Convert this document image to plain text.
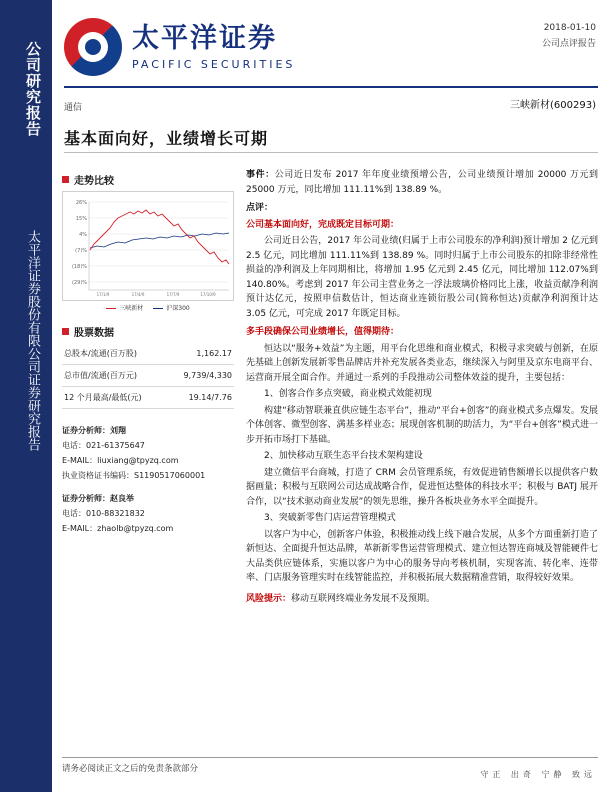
公司研究报告
太平洋证券股份有限公司证券研究报告
太平洋证券
PACIFIC SECURITIES
2018-01-10
公司点评报告
通信	三峡新材(600293)
基本面向好，业绩增长可期
走势比较
26%
15%
4%
(7)%
(18)%
(29)%
17/1/9	17/4/9	17/7/9	17/10/9
三峡新材	沪深300
股票数据
总股本/流通(百万股)	1,162.17
总市值/流通(百万元)	9,739/4,330
12 个月最高/最低(元)	19.14/7.76
证券分析师：刘翔
电话：021-61375647
E-MAIL：liuxiang@tpyzq.com
执业资格证书编码：S1190517060001
证券分析师：赵良举
电话：010-88321832
E-MAIL：zhaolb@tpyzq.com

事件：公司近日发布 2017 年年度业绩预增公告，公司业绩预计增加 20000 万元到 25000 万元，同比增加 111.11%到 138.89 %。

点评：

公司基本面向好，完成既定目标可期：

公司近日公告，2017 年公司业绩(归属于上市公司股东的净利润)预计增加 2 亿元到 2.5 亿元，同比增加 111.11%到 138.89 %。同时归属于上市公司股东的扣除非经常性损益的净利润及上年同期相比，将增加 1.95 亿元到 2.45 亿元，同比增加 112.07%到 140.80%。考虑到 2017 年公司主营业务之一浮法玻璃价格同比上涨，收益贡献净利润预计达亿元，按照申信数估计，恒达商业连锁衍股公司(简称恒达)贡献净利润预计达 3.05 亿元，可完成 2017 年既定目标。

多手段确保公司业绩增长，值得期待：

恒达以“服务+效益”为主题，用平台化思维和商业模式，积极寻求突破与创新，在原先基础上创新发展新零售品牌店并补充发展各类业态，继续深入与阿里及京东电商平台、运营商开展全面合作。并通过一系列的手段推动公司整体效益的提升，主要包括：

1、创客合作多点突破，商业模式效能初现

构建“移动智联兼直供应链生态平台”，推动“平台+创客”的商业模式多点爆发。发展个体创客、微型创客、满基多样业态；展现创客机制的助活力，为“平台+创客”模式进一步开拓市场打下基础。

2、加快移动互联生态平台技术架构建设

建立微信平台商城，打造了 CRM 会员管理系统，有效促进销售额增长以提供客户数据画量；积极与互联网公司达成战略合作，促进恒达整体的科技水平；积极与 BATJ 展开合作，以“技术驱动商业发展”的领先思维，操升各板块业务水平全面提升。

3、突破新零售门店运营管理模式

以客户为中心，创新客户体验，积极推动线上线下融合发展，从多个方面重新打造了新恒达、全面提升恒达品牌，革新新零售运营管理模式、建立恒达智连商城及智能硬件七大品类供应链体系，实施以客户为中心的服务导向考核机制，实现客流、转化率、连带率、门店服务管理实时在线智能监控，并积极拓展大数据精准营销，取得较好效果。

风险提示：移动互联网终端业务发展不及预期。

请务必阅读正文之后的免责条款部分
守正 出奇 宁静 致远
